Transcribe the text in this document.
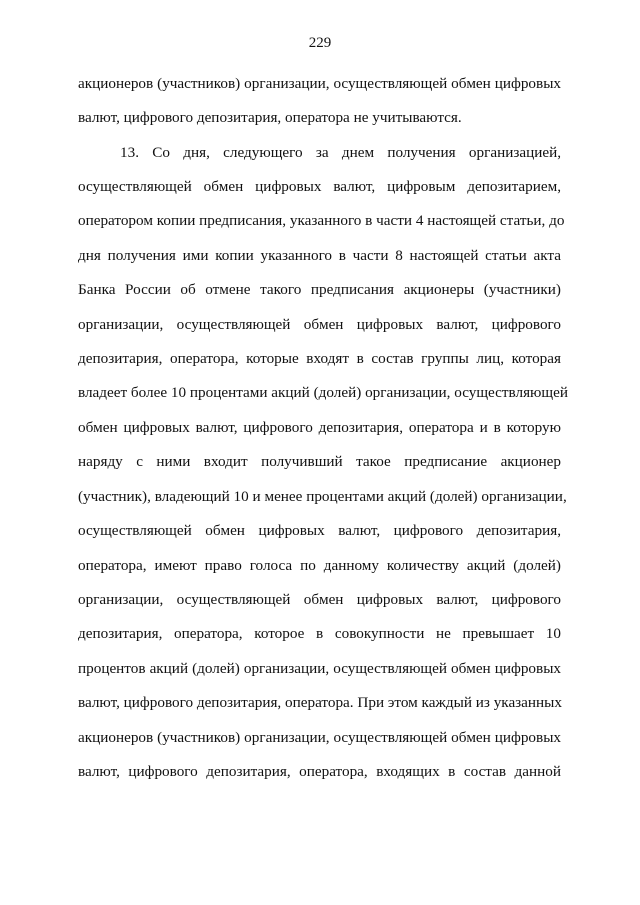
229
акционеров (участников) организации, осуществляющей обмен цифровых
валют, цифрового депозитария, оператора не учитываются.
13. Со дня, следующего за днем получения организацией,
осуществляющей обмен цифровых валют, цифровым депозитарием,
оператором копии предписания, указанного в части 4 настоящей статьи, до
дня получения ими копии указанного в части 8 настоящей статьи акта
Банка России об отмене такого предписания акционеры (участники)
организации, осуществляющей обмен цифровых валют, цифрового
депозитария, оператора, которые входят в состав группы лиц, которая
владеет более 10 процентами акций (долей) организации, осуществляющей
обмен цифровых валют, цифрового депозитария, оператора и в которую
наряду с ними входит получивший такое предписание акционер
(участник), владеющий 10 и менее процентами акций (долей) организации,
осуществляющей обмен цифровых валют, цифрового депозитария,
оператора, имеют право голоса по данному количеству акций (долей)
организации, осуществляющей обмен цифровых валют, цифрового
депозитария, оператора, которое в совокупности не превышает 10
процентов акций (долей) организации, осуществляющей обмен цифровых
валют, цифрового депозитария, оператора. При этом каждый из указанных
акционеров (участников) организации, осуществляющей обмен цифровых
валют, цифрового депозитария, оператора, входящих в состав данной
